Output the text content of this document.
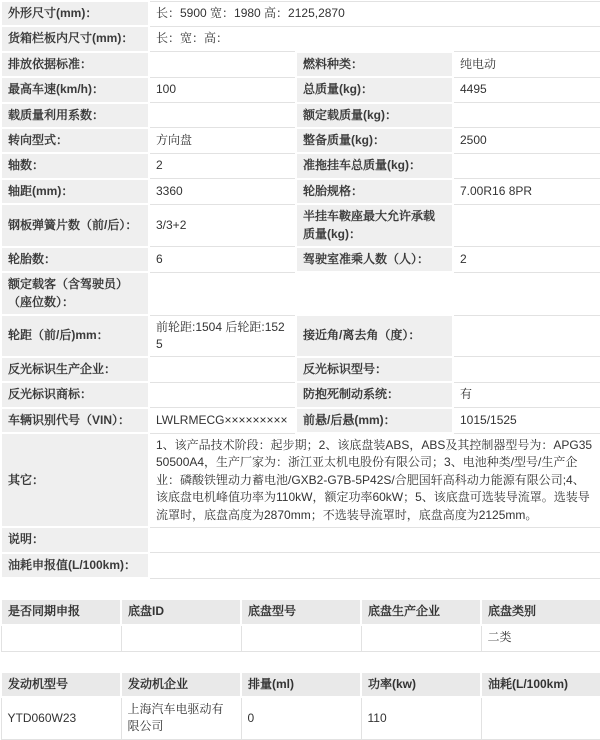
外形尺寸(mm)：	长：5900 宽：1980 高：2125,2870		
货箱栏板内尺寸(mm)：	长：宽：高：		
排放依据标准：		燃料种类：	纯电动
最高车速(km/h)：	100	总质量(kg)：	4495
载质量利用系数：		额定载质量(kg)：	
转向型式：	方向盘	整备质量(kg)：	2500
轴数：	2	准拖挂车总质量(kg)：	
轴距(mm)：	3360	轮胎规格：	7.00R16 8PR
钢板弹簧片数（前/后）：	3/3+2	半挂车鞍座最大允许承载质量(kg)：	
轮胎数：	6	驾驶室准乘人数（人）：	2
额定载客（含驾驶员）（座位数）：			
轮距（前/后)mm：	前轮距:1504 后轮距:1525	接近角/离去角（度）：	
反光标识生产企业：		反光标识型号：	
反光标识商标：		防抱死制动系统：	有
车辆识别代号（VIN）：	LWLRMECG×××××××××	前悬/后悬(mm)：	1015/1525
其它：	1、该产品技术阶段：起步期；2、该底盘装ABS，ABS及其控制器型号为：APG3550500A4，生产厂家为：浙江亚太机电股份有限公司；3、电池种类/型号/生产企业：磷酸铁锂动力蓄电池/GXB2-G7B-5P42S/合肥国轩高科动力能源有限公司;4、该底盘电机峰值功率为110kW，额定功率60kW；5、该底盘可选装导流罩。选装导流罩时，底盘高度为2870mm；不选装导流罩时，底盘高度为2125mm。		
说明：			
油耗申报值(L/100km)：			
是否同期申报	底盘ID	底盘型号	底盘生产企业	底盘类别
				二类
发动机型号	发动机企业	排量(ml)	功率(kw)	油耗(L/100km)
YTD060W23	上海汽车电驱动有限公司	0	110	
